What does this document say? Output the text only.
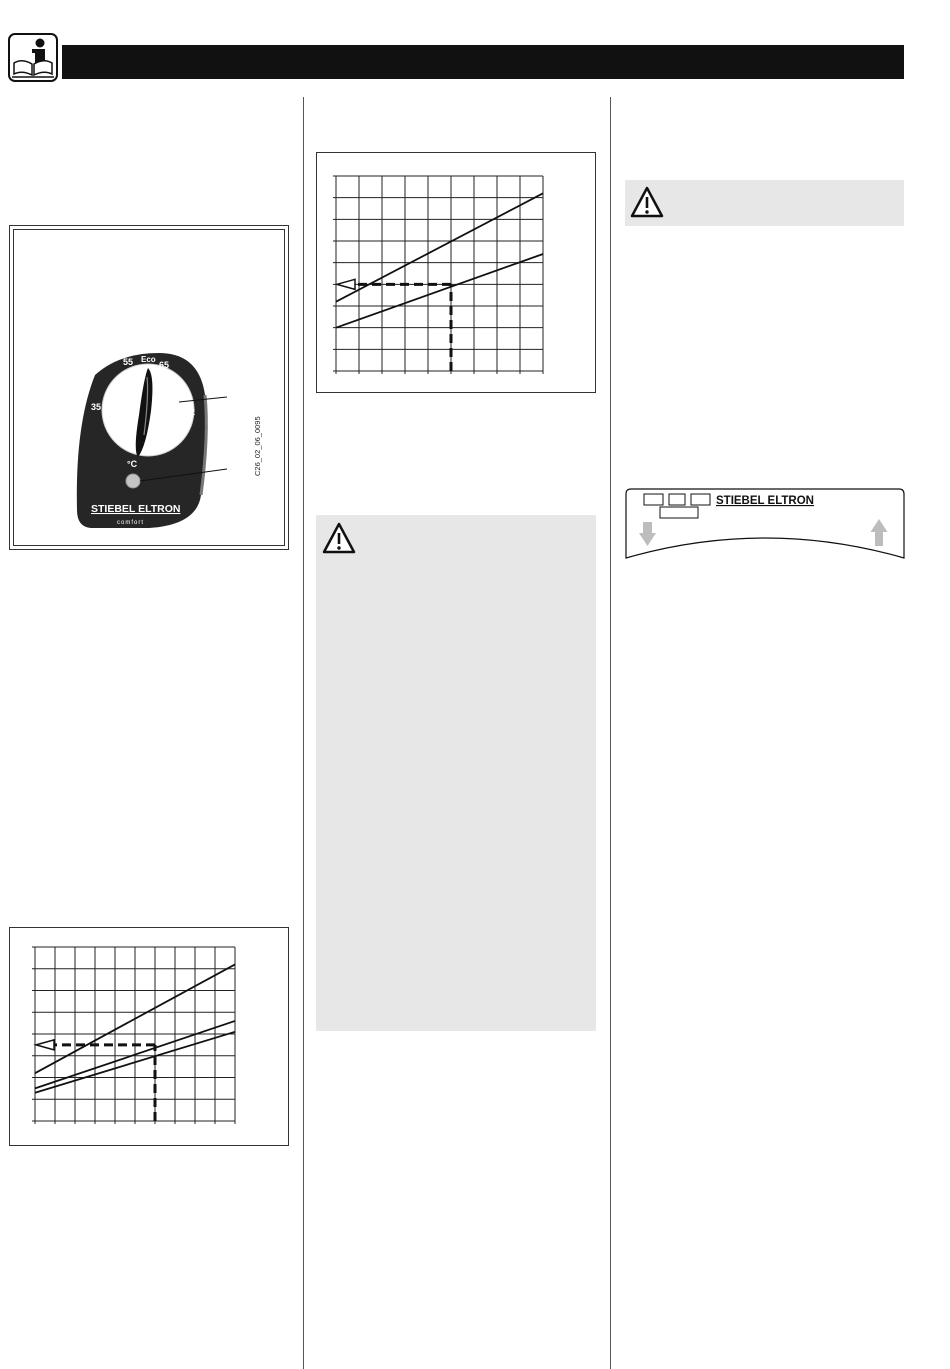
35
55 Eco
65
82
°C
STIEBEL ELTRON
comfort
C26_02_06_0095
STIEBEL ELTRON
